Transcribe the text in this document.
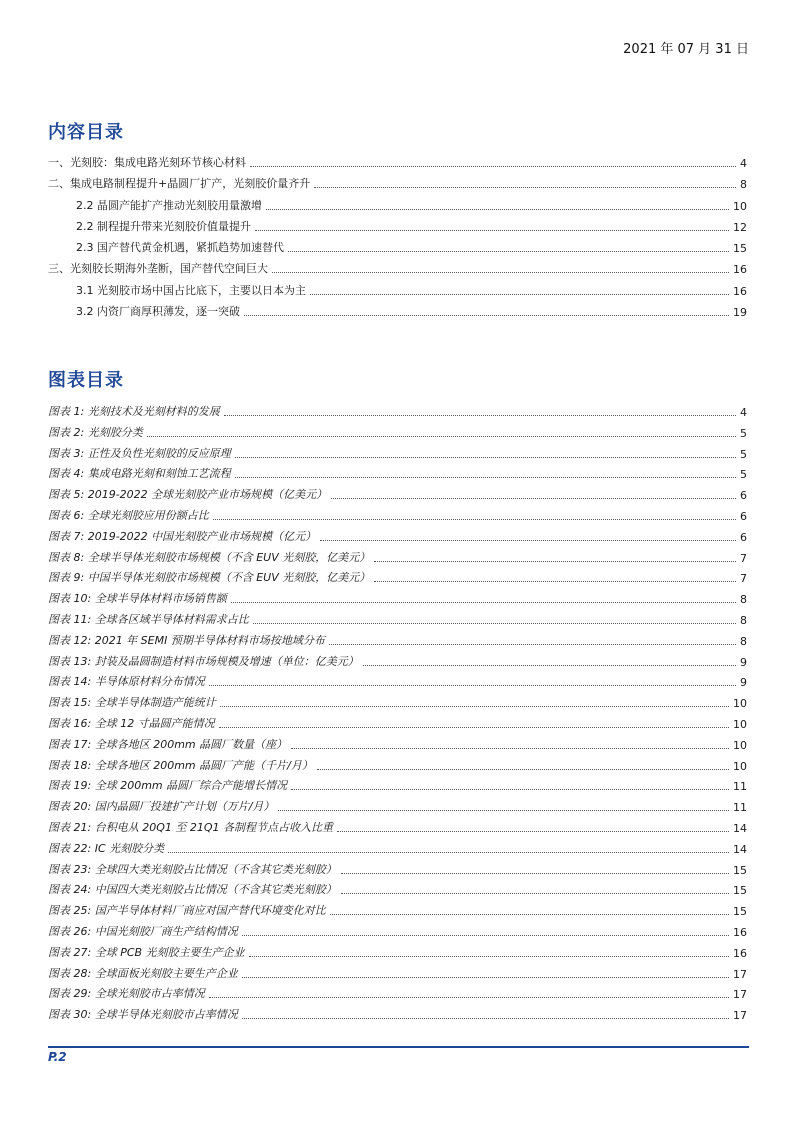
2021 年 07 月 31 日
内容目录
一、光刻胶：集成电路光刻环节核心材料	4
二、集成电路制程提升+晶圆厂扩产，光刻胶价量齐升	8
2.2 晶圆产能扩产推动光刻胶用量激增	10
2.2 制程提升带来光刻胶价值量提升	12
2.3 国产替代黄金机遇，紧抓趋势加速替代	15
三、光刻胶长期海外垄断，国产替代空间巨大	16
3.1 光刻胶市场中国占比底下，主要以日本为主	16
3.2 内资厂商厚积薄发，逐一突破	19
图表目录
图表 1: 光刻技术及光刻材料的发展	4
图表 2: 光刻胶分类	5
图表 3: 正性及负性光刻胶的反应原理	5
图表 4: 集成电路光刻和刻蚀工艺流程	5
图表 5: 2019-2022 全球光刻胶产业市场规模（亿美元）	6
图表 6: 全球光刻胶应用份额占比	6
图表 7: 2019-2022 中国光刻胶产业市场规模（亿元）	6
图表 8: 全球半导体光刻胶市场规模（不含 EUV 光刻胶，亿美元）	7
图表 9: 中国半导体光刻胶市场规模（不含 EUV 光刻胶，亿美元）	7
图表 10: 全球半导体材料市场销售额	8
图表 11: 全球各区域半导体材料需求占比	8
图表 12: 2021 年 SEMI 预期半导体材料市场按地域分布	8
图表 13: 封装及晶圆制造材料市场规模及增速（单位：亿美元）	9
图表 14: 半导体原材料分布情况	9
图表 15: 全球半导体制造产能统计	10
图表 16: 全球 12 寸晶圆产能情况	10
图表 17: 全球各地区 200mm 晶圆厂数量（座）	10
图表 18: 全球各地区 200mm 晶圆厂产能（千片/月）	10
图表 19: 全球 200mm 晶圆厂综合产能增长情况	11
图表 20: 国内晶圆厂投建扩产计划（万片/月）	11
图表 21: 台积电从 20Q1 至 21Q1 各制程节点占收入比重	14
图表 22: IC 光刻胶分类	14
图表 23: 全球四大类光刻胶占比情况（不含其它类光刻胶）	15
图表 24: 中国四大类光刻胶占比情况（不含其它类光刻胶）	15
图表 25: 国产半导体材料厂商应对国产替代环境变化对比	15
图表 26: 中国光刻胶厂商生产结构情况	16
图表 27: 全球 PCB 光刻胶主要生产企业	16
图表 28: 全球面板光刻胶主要生产企业	17
图表 29: 全球光刻胶市占率情况	17
图表 30: 全球半导体光刻胶市占率情况	17
P.2
